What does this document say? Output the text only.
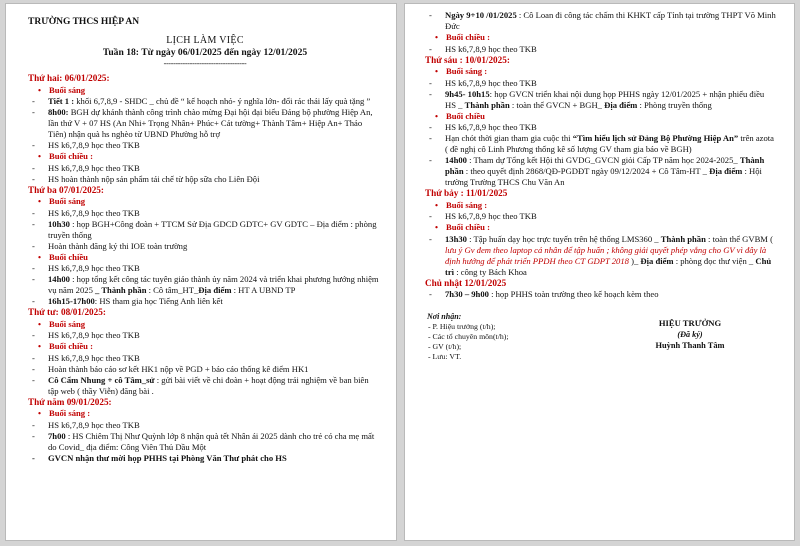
TRƯỜNG THCS HIỆP AN
LỊCH LÀM VIỆC
Tuần 18: Từ ngày 06/01/2025 đến ngày 12/01/2025
-----------------------------------
Thứ hai: 06/01/2025:
• Buổi sáng
- Tiết 1 : khối 6,7,8,9 - SHDC _ chủ đề “ kế hoạch nhỏ- ý nghĩa lớn- đổi rác thải lấy quà tặng ”
- 8h00: BGH dự khánh thành công trình chào mừng Đại hội đại biểu Đảng bộ phường Hiệp An, lần thứ V + 07 HS (An Nhi+ Trọng Nhân+ Phúc+ Cát tường+ Thành Tâm+ Hiệp An+ Thảo Tiên) nhận quà hs nghèo từ UBND Phường hỗ trợ
- HS k6,7,8,9 học theo TKB
• Buổi chiều :
- HS k6,7,8,9 học theo TKB
- HS hoàn thành nộp sản phẩm tái chế từ hộp sữa cho Liên Đội
Thứ ba 07/01/2025:
• Buổi sáng
- HS k6,7,8,9 học theo TKB
- 10h30 : họp BGH+Công đoàn + TTCM Sử Địa GDCD GDTC+ GV GDTC – Địa điểm : phòng truyền thống
- Hoàn thành đăng ký thi IOE toàn trường
• Buổi chiều
- HS k6,7,8,9 học theo TKB
- 14h00 : họp tổng kết công tác tuyên giáo thành ủy năm 2024 và triển khai phương hướng nhiệm vụ năm 2025 _ Thành phần : Cô tâm_HT_Địa điểm : HT A UBND TP
- 16h15-17h00: HS tham gia học Tiếng Anh liên kết
Thứ tư: 08/01/2025:
• Buổi sáng
- HS k6,7,8,9 học theo TKB
• Buổi chiều :
- HS k6,7,8,9 học theo TKB
- Hoàn thành báo cáo sơ kết HK1 nộp về PGD + báo cáo thống kê điểm HK1
- Cô Cẩm Nhung + cô Tâm_sử : gửi bài viết về chi đoàn + hoạt động trải nghiệm về ban biên tập web ( thầy Viễn) đăng bài .
Thứ năm 09/01/2025:
• Buổi sáng :
- HS k6,7,8,9 học theo TKB
- 7h00 : HS Chiêm Thị Như Quỳnh lớp 8 nhận quà tết Nhân ái 2025 dành cho trẻ có cha mẹ mất do Covid_ địa điểm: Công Viên Thủ Dầu Một
- GVCN nhận thư mời họp PHHS tại Phòng Văn Thư phát cho HS
- Ngày 9+10 /01/2025 : Cô Loan đi công tác chấm thi KHKT cấp Tỉnh tại trường THPT Võ Minh Đức
• Buổi chiều :
- HS k6,7,8,9 học theo TKB
Thứ sáu : 10/01/2025:
• Buổi sáng :
- HS k6,7,8,9 học theo TKB
- 9h45- 10h15: họp GVCN triển khai nội dung họp PHHS ngày 12/01/2025 + nhận phiếu điều HS _ Thành phần : toàn thể GVCN + BGH_ Địa điểm : Phòng truyền thống
• Buổi chiều
- HS k6,7,8,9 học theo TKB
- Hạn chót thời gian tham gia cuộc thi “Tìm hiểu lịch sử Đảng Bộ Phường Hiệp An” trên azota ( đề nghị cô Linh Phương thống kê số lượng GV tham gia báo về BGH)
- 14h00 : Tham dự Tổng kết Hội thi GVDG_GVCN giỏi Cấp TP năm học 2024-2025_ Thành phần : theo quyết định 2868/QĐ-PGDĐT ngày 09/12/2024 + Cô Tâm-HT _ Địa điểm : Hội trường Trường THCS Chu Văn An
Thứ bảy : 11/01/2025
• Buổi sáng :
- HS k6,7,8,9 học theo TKB
• Buổi chiều :
- 13h30 : Tập huấn dạy học trực tuyến trên hệ thống LMS360 _ Thành phần : toàn thể GVBM ( lưu ý Gv đem theo laptop cá nhân để tập huấn ; không giải quyết phép vắng cho GV vì đây là định hướng để phát triển PPDH theo CT GDPT 2018 )_ Địa điểm : phòng đọc thư viện _ Chủ trì : công ty Bách Khoa
Chủ nhật 12/01/2025
- 7h30 – 9h00 : họp PHHS toàn trường theo kế hoạch kèm theo
Nơi nhận:
- P. Hiệu trưởng (t/h);
- Các tổ chuyên môn(t/h);
- GV (t/h);
- Lưu: VT.
HIỆU TRƯỞNG
(Đã ký)
Huỳnh Thanh Tâm
